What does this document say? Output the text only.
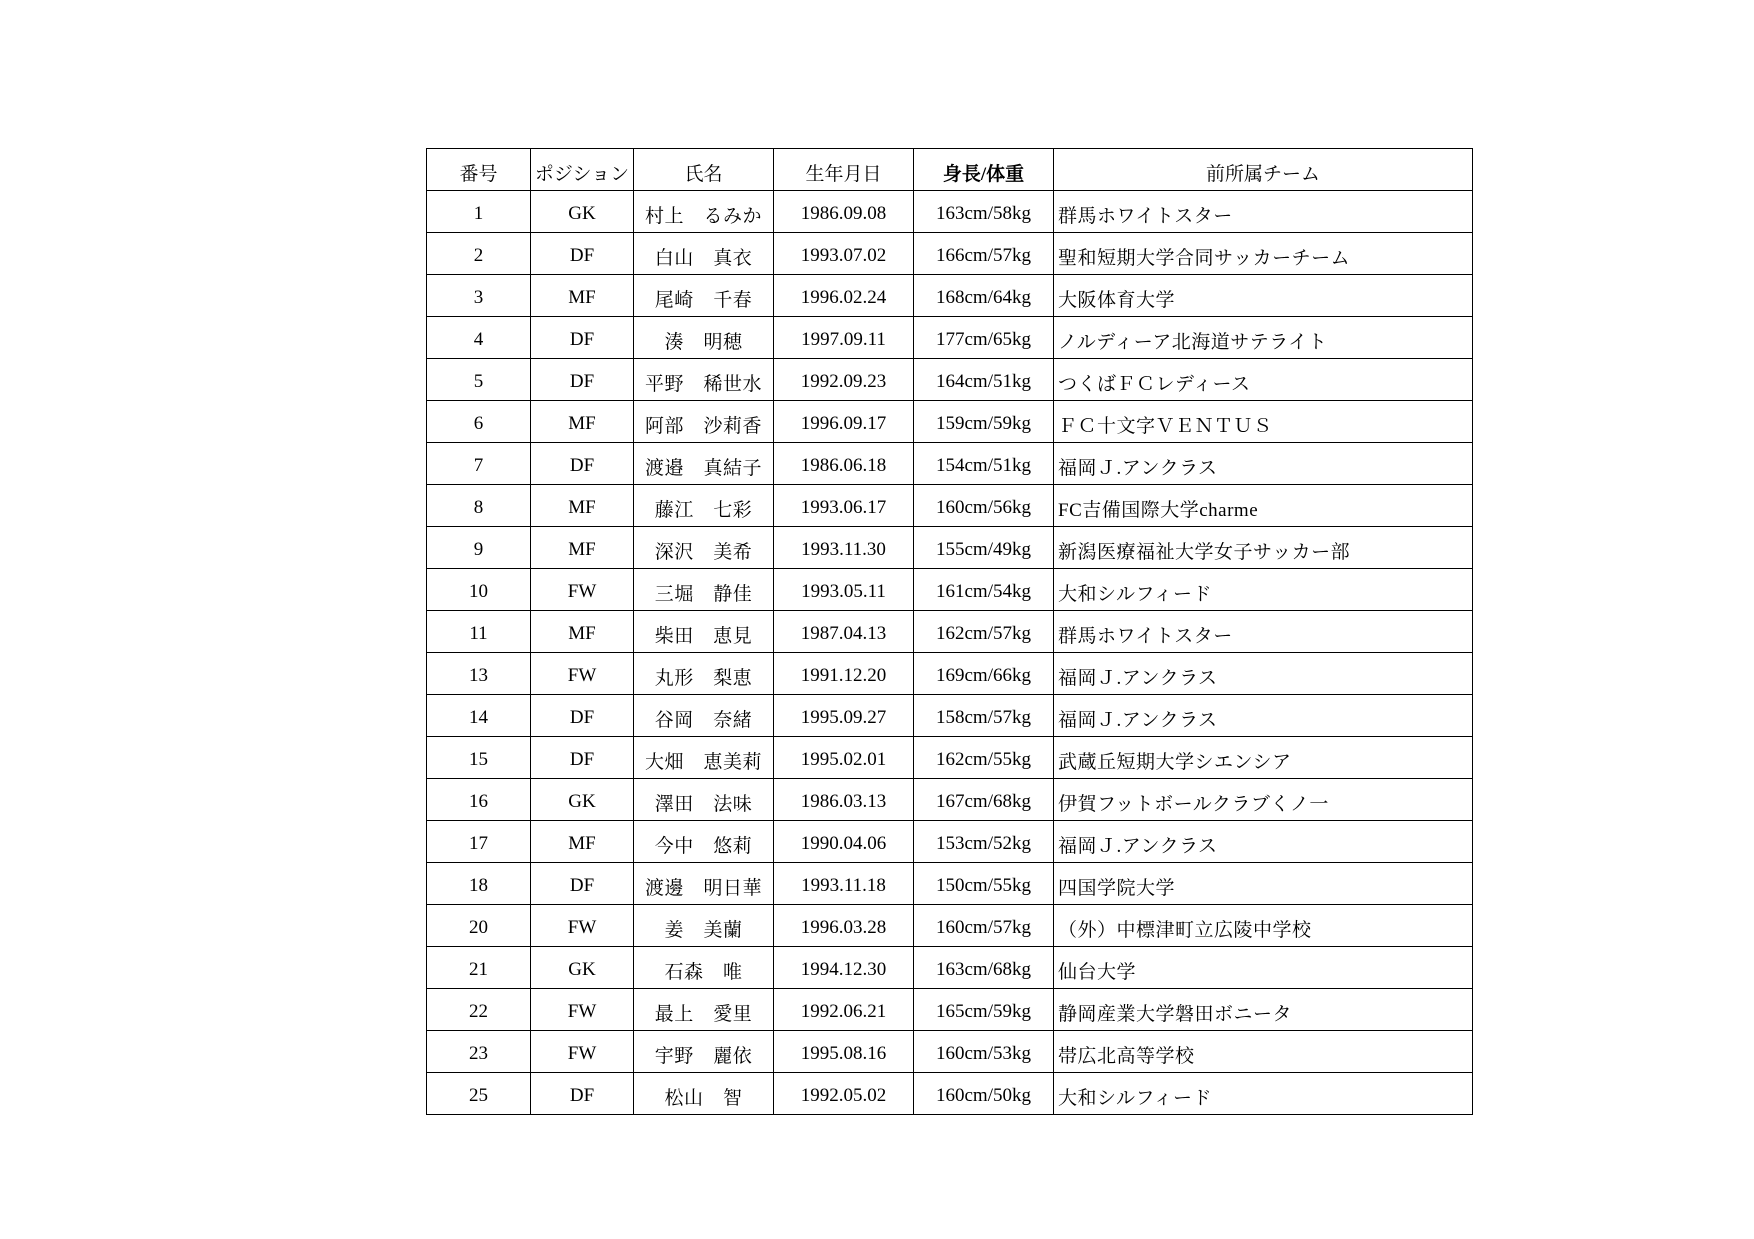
番号	ポジション	氏名	生年月日	身長/体重	前所属チーム
1	GK	村上　るみか	1986.09.08	163cm/58kg	群馬ホワイトスター
2	DF	白山　真衣	1993.07.02	166cm/57kg	聖和短期大学合同サッカーチーム
3	MF	尾崎　千春	1996.02.24	168cm/64kg	大阪体育大学
4	DF	湊　明穂	1997.09.11	177cm/65kg	ノルディーア北海道サテライト
5	DF	平野　稀世水	1992.09.23	164cm/51kg	つくばＦＣレディース
6	MF	阿部　沙莉香	1996.09.17	159cm/59kg	ＦＣ十文字ＶＥＮＴＵＳ
7	DF	渡邉　真結子	1986.06.18	154cm/51kg	福岡Ｊ.アンクラス
8	MF	藤江　七彩	1993.06.17	160cm/56kg	FC吉備国際大学charme
9	MF	深沢　美希	1993.11.30	155cm/49kg	新潟医療福祉大学女子サッカー部
10	FW	三堀　静佳	1993.05.11	161cm/54kg	大和シルフィード
11	MF	柴田　恵見	1987.04.13	162cm/57kg	群馬ホワイトスター
13	FW	丸形　梨恵	1991.12.20	169cm/66kg	福岡Ｊ.アンクラス
14	DF	谷岡　奈緒	1995.09.27	158cm/57kg	福岡Ｊ.アンクラス
15	DF	大畑　恵美莉	1995.02.01	162cm/55kg	武蔵丘短期大学シエンシア
16	GK	澤田　法味	1986.03.13	167cm/68kg	伊賀フットボールクラブくノ一
17	MF	今中　悠莉	1990.04.06	153cm/52kg	福岡Ｊ.アンクラス
18	DF	渡邊　明日華	1993.11.18	150cm/55kg	四国学院大学
20	FW	姜　美蘭	1996.03.28	160cm/57kg	（外）中標津町立広陵中学校
21	GK	石森　唯	1994.12.30	163cm/68kg	仙台大学
22	FW	最上　愛里	1992.06.21	165cm/59kg	静岡産業大学磐田ボニータ
23	FW	宇野　麗依	1995.08.16	160cm/53kg	帯広北高等学校
25	DF	松山　智	1992.05.02	160cm/50kg	大和シルフィード
